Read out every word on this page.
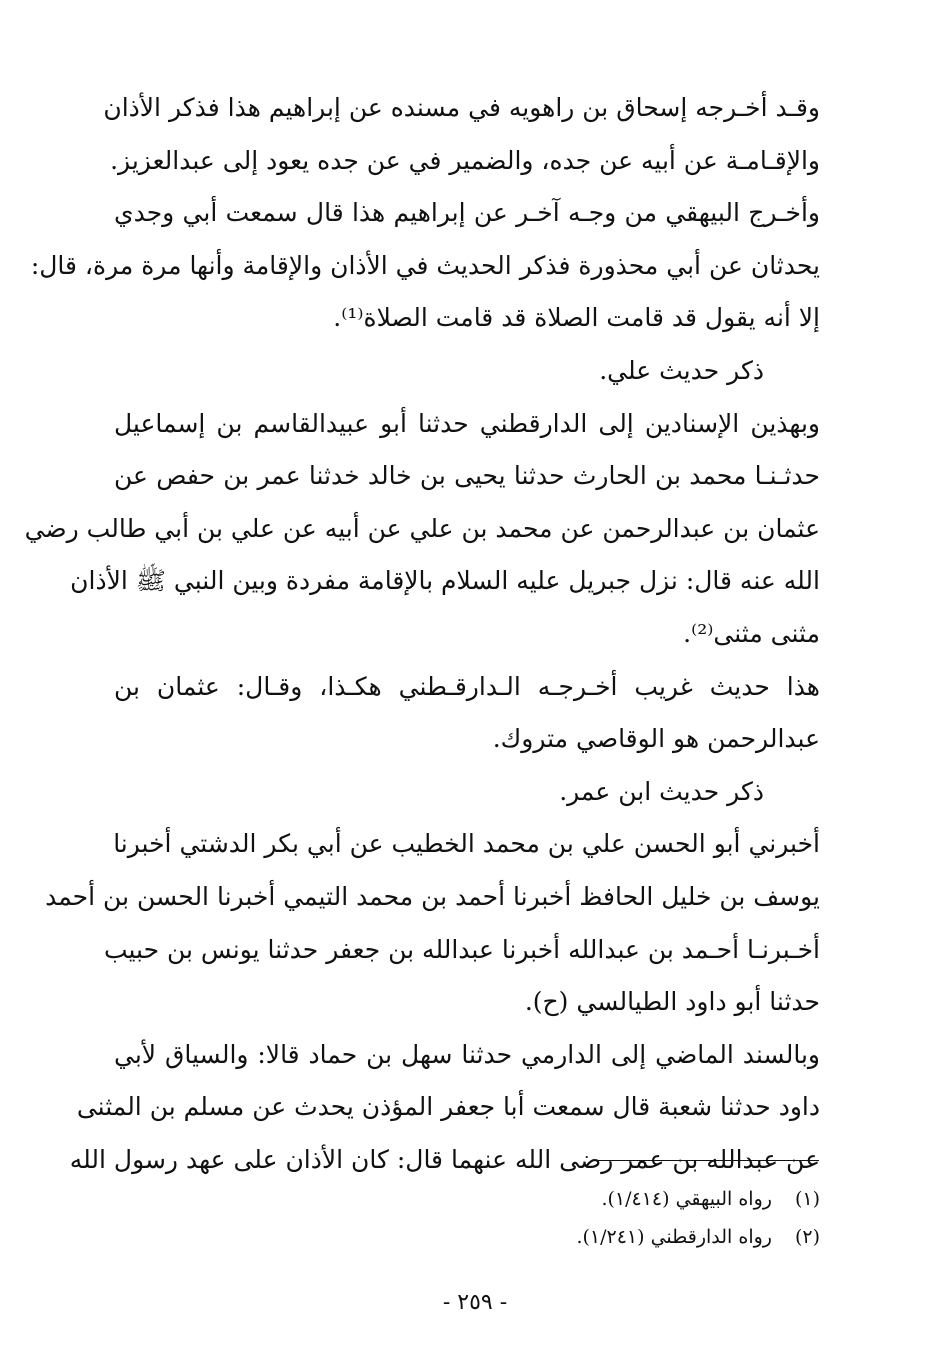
وقـد أخـرجه إسحاق بن راهويه في مسنده عن إبراهيم هذا فذكر الأذان
والإقـامـة عن أبيه عن جده، والضمير في عن جده يعود إلى عبدالعزيز.
وأخـرج البيهقي من وجـه آخـر عن إبراهيم هذا قال سمعت أبي وجدي
يحدثان عن أبي محذورة فذكر الحديث في الأذان والإقامة وأنها مرة مرة، قال:
إلا أنه يقول قد قامت الصلاة قد قامت الصلاة⁽¹⁾.
ذكر حديث علي.
وبهذين الإسنادين إلى الدارقطني حدثنا أبو عبيدالقاسم بن إسماعيل
حدثـنـا محمد بن الحارث حدثنا يحيى بن خالد خدثنا عمر بن حفص عن
عثمان بن عبدالرحمن عن محمد بن علي عن أبيه عن علي بن أبي طالب رضي
الله عنه قال: نزل جبريل عليه السلام بالإقامة مفردة وبين النبي ﷺ الأذان
مثنى مثنى⁽²⁾.
هذا حديث غريب أخـرجـه الـدارقـطني هكـذا، وقـال: عثمان بن
عبدالرحمن هو الوقاصي متروك.
ذكر حديث ابن عمر.
أخبرني أبو الحسن علي بن محمد الخطيب عن أبي بكر الدشتي أخبرنا
يوسف بن خليل الحافظ أخبرنا أحمد بن محمد التيمي أخبرنا الحسن بن أحمد
أخـبرنـا أحـمد بن عبدالله أخبرنا عبدالله بن جعفر حدثنا يونس بن حبيب
حدثنا أبو داود الطيالسي (ح).
وبالسند الماضي إلى الدارمي حدثنا سهل بن حماد قالا: والسياق لأبي
داود حدثنا شعبة قال سمعت أبا جعفر المؤذن يحدث عن مسلم بن المثنى
عن عبدالله بن عمر رضى الله عنهما قال: كان الأذان على عهد رسول الله
(١) رواه البيهقي (١/٤١٤).
(٢) رواه الدارقطني (١/٢٤١).
- ٢٥٩ -
